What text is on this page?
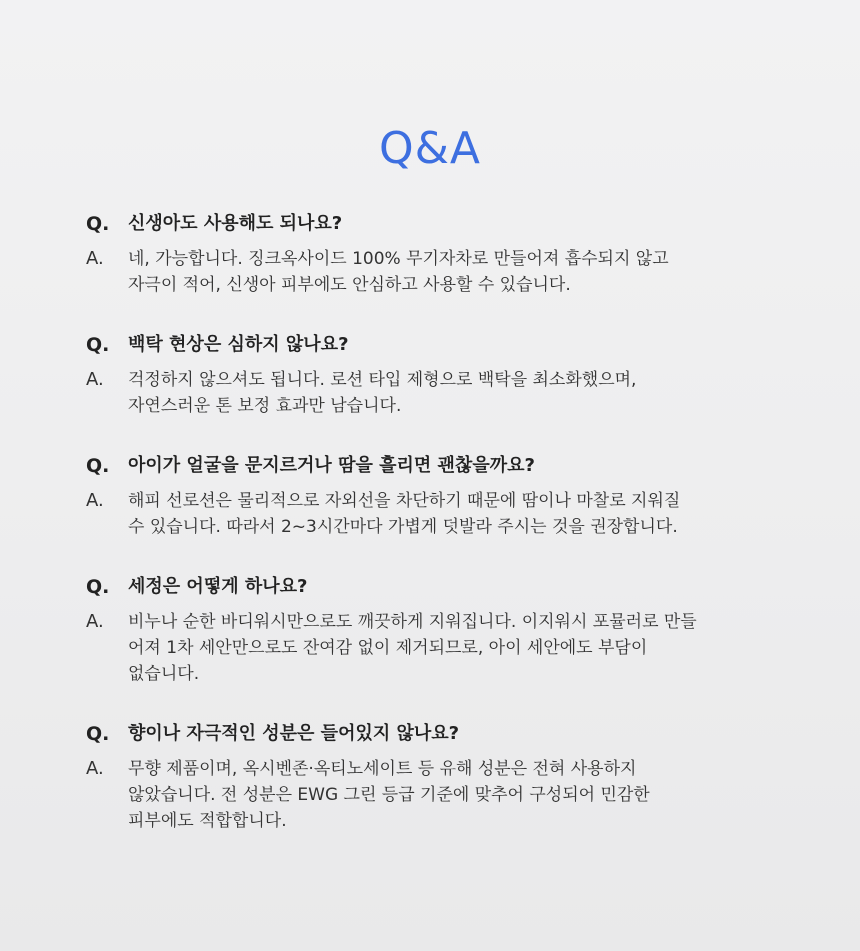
Q&A
Q.	신생아도 사용해도 되나요?
A.	네, 가능합니다. 징크옥사이드 100% 무기자차로 만들어져 흡수되지 않고
자극이 적어, 신생아 피부에도 안심하고 사용할 수 있습니다.
Q.	백탁 현상은 심하지 않나요?
A.	걱정하지 않으셔도 됩니다. 로션 타입 제형으로 백탁을 최소화했으며,
자연스러운 톤 보정 효과만 남습니다.
Q.	아이가 얼굴을 문지르거나 땀을 흘리면 괜찮을까요?
A.	해피 선로션은 물리적으로 자외선을 차단하기 때문에 땀이나 마찰로 지워질
수 있습니다. 따라서 2~3시간마다 가볍게 덧발라 주시는 것을 권장합니다.
Q.	세정은 어떻게 하나요?
A.	비누나 순한 바디워시만으로도 깨끗하게 지워집니다. 이지워시 포뮬러로 만들
어져 1차 세안만으로도 잔여감 없이 제거되므로, 아이 세안에도 부담이
없습니다.
Q.	향이나 자극적인 성분은 들어있지 않나요?
A.	무향 제품이며, 옥시벤존·옥티노세이트 등 유해 성분은 전혀 사용하지
않았습니다. 전 성분은 EWG 그린 등급 기준에 맞추어 구성되어 민감한
피부에도 적합합니다.
